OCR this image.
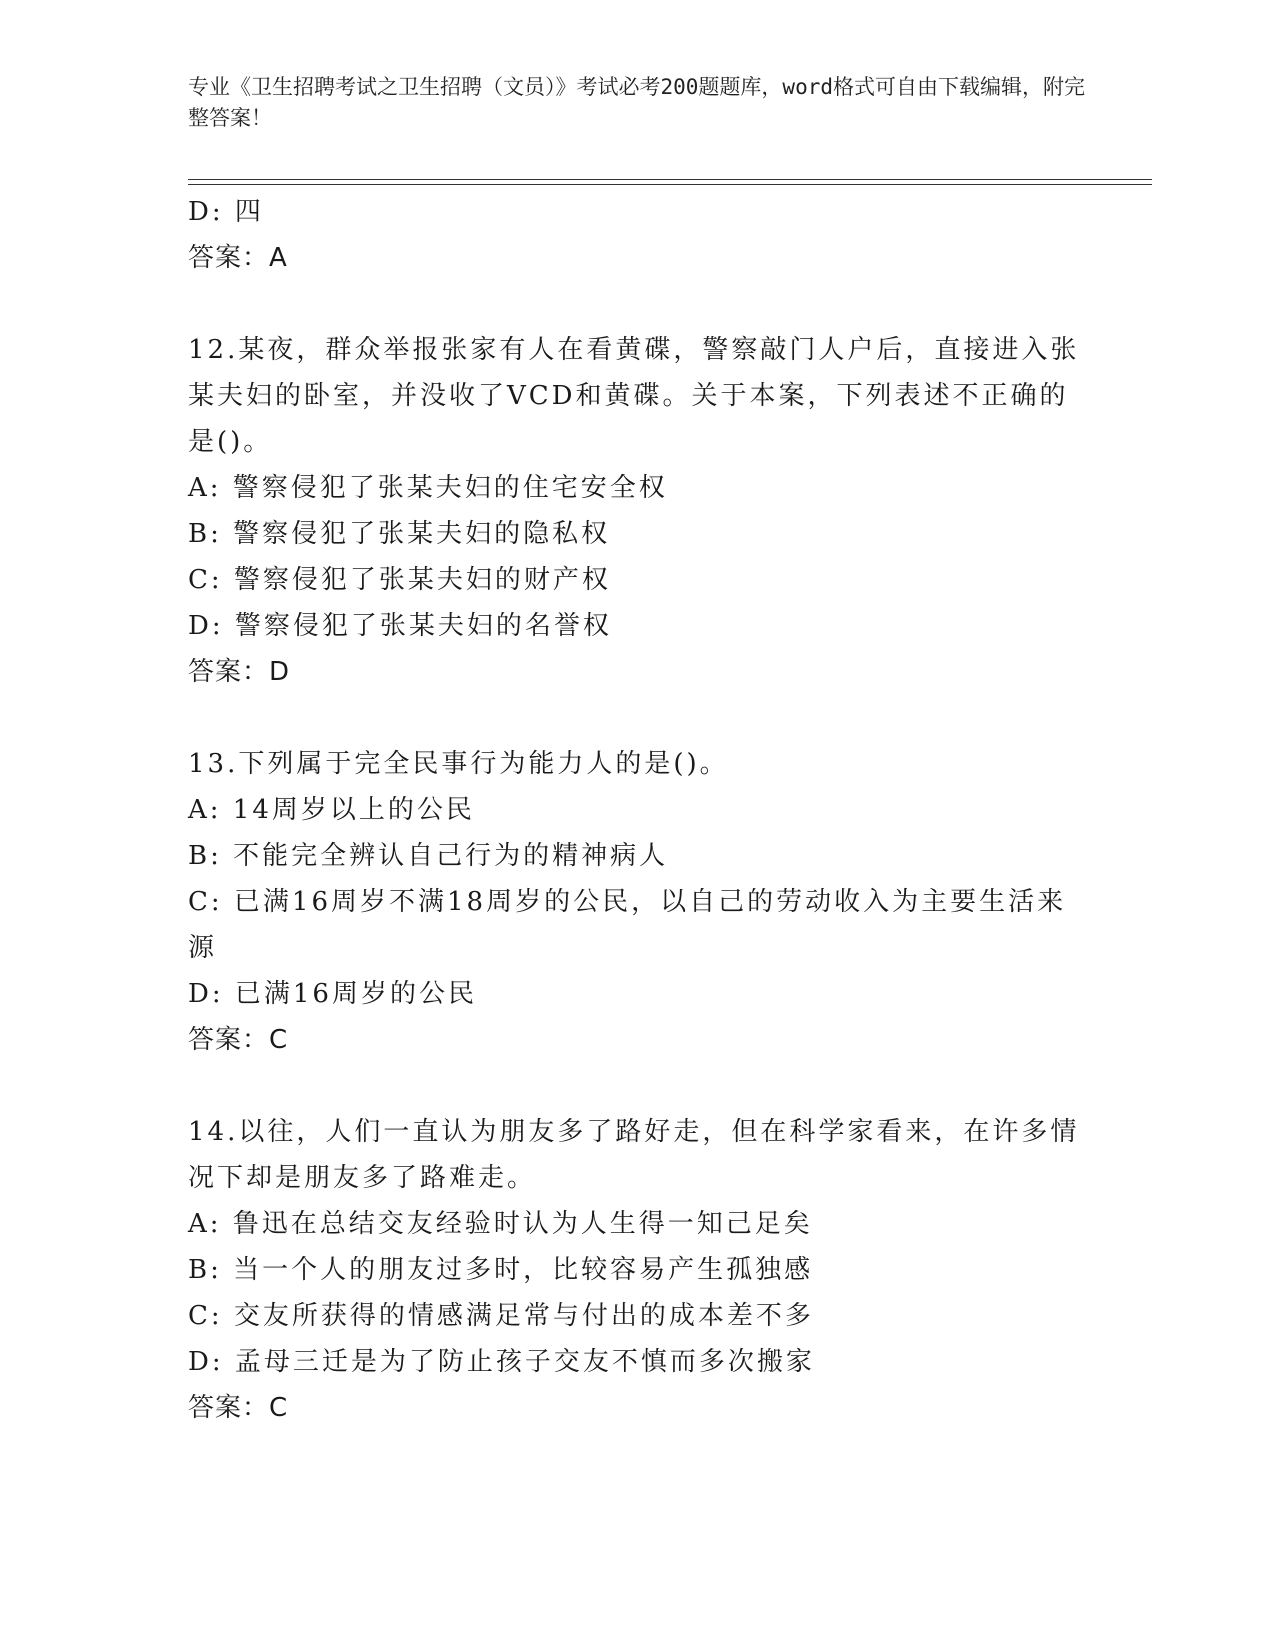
专业《卫生招聘考试之卫生招聘（文员）》考试必考200题题库，word格式可自由下载编辑，附完整答案！
D: 四
答案：A
12.某夜，群众举报张家有人在看黄碟，警察敲门人户后，直接进入张
某夫妇的卧室，并没收了VCD和黄碟。关于本案，下列表述不正确的
是()。
A: 警察侵犯了张某夫妇的住宅安全权
B: 警察侵犯了张某夫妇的隐私权
C: 警察侵犯了张某夫妇的财产权
D: 警察侵犯了张某夫妇的名誉权
答案：D
13.下列属于完全民事行为能力人的是()。
A: 14周岁以上的公民
B: 不能完全辨认自己行为的精神病人
C: 已满16周岁不满18周岁的公民，以自己的劳动收入为主要生活来
源
D: 已满16周岁的公民
答案：C
14.以往，人们一直认为朋友多了路好走，但在科学家看来，在许多情
况下却是朋友多了路难走。
A: 鲁迅在总结交友经验时认为人生得一知己足矣
B: 当一个人的朋友过多时，比较容易产生孤独感
C: 交友所获得的情感满足常与付出的成本差不多
D: 孟母三迁是为了防止孩子交友不慎而多次搬家
答案：C
